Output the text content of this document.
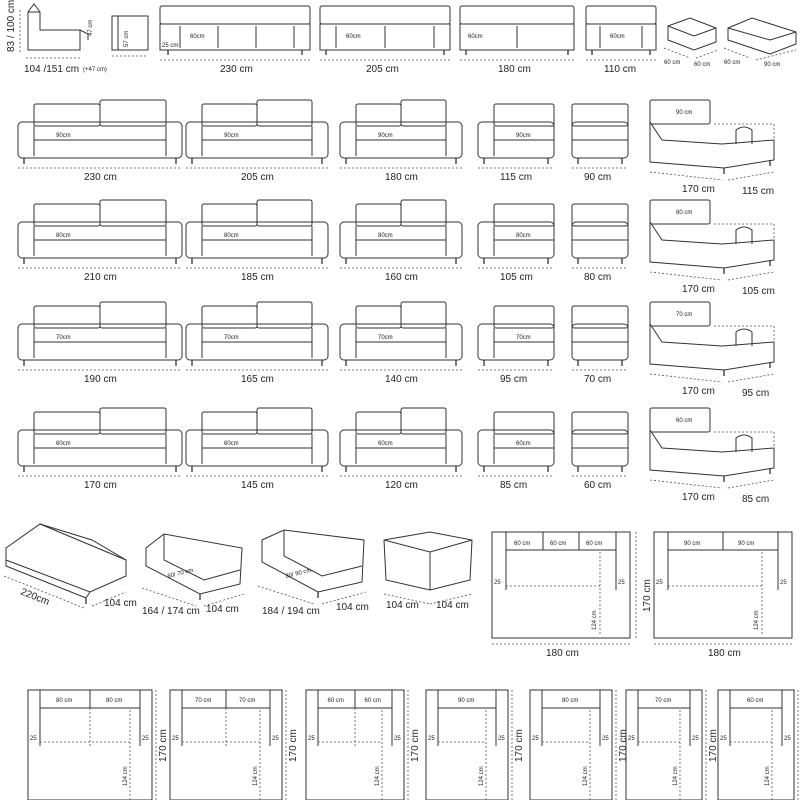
83 / 100 cm	47 cm
104 /151 cm (+47 cm)
57 cm	60cm
25 cm
230 cm
60cm
205 cm
60cm
180 cm
60cm
110 cm
60 cm 60 cm 60 cm	90 cm
90cm
230 cm
90cm
205 cm
90cm
180 cm
90cm
115 cm	90 cm
90 cm
170 cm	115 cm
80cm
210 cm
80cm
185 cm
80cm
160 cm
80cm
105 cm	80 cm
80 cm
170 cm	105 cm
70cm
190 cm
70cm
165 cm
70cm
140 cm
70cm
95 cm	70 cm
70 cm
170 cm	95 cm
60cm
170 cm
60cm
145 cm
60cm
120 cm
60cm
85 cm	60 cm
60 cm
170 cm	85 cm
220cm	104 cm
60/ 70 cm
164 / 174 cm 104 cm
80/ 90 cm
184 / 194 cm 104 cm 104 cm 104 cm
60 cm	60 cm	60 cm
25	25
124 cm
170 cm
180 cm
90 cm	90 cm
25	25
124 cm
180 cm
80 cm	80 cm
25	25
124 cm
170 cm
70 cm	70 cm
25	25
124 cm
170 cm
60 cm	60 cm
25	25
124 cm
170 cm
90 cm
25	25
124 cm
170 cm
80 cm
25	25
124 cm
170 cm
70 cm
25	25
124 cm
170 cm
60 cm
25	25
124 cm
